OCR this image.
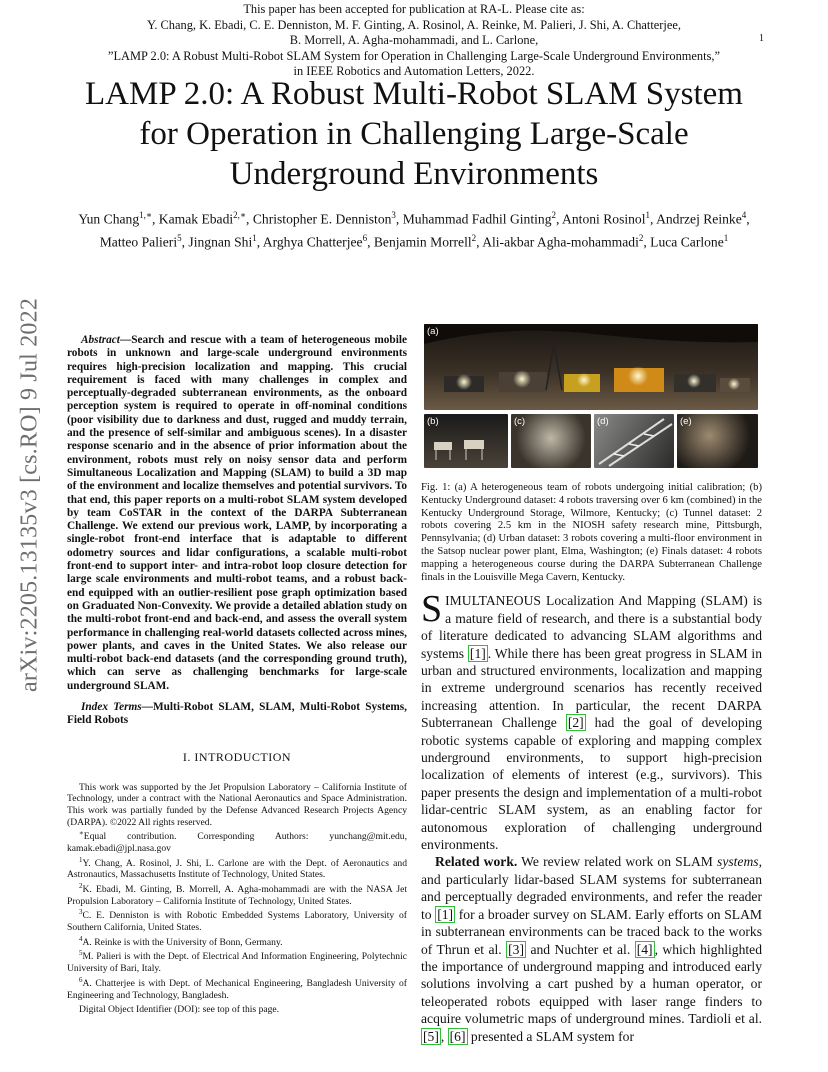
This paper has been accepted for publication at RA-L. Please cite as:
Y. Chang, K. Ebadi, C. E. Denniston, M. F. Ginting, A. Rosinol, A. Reinke, M. Palieri, J. Shi, A. Chatterjee,
B. Morrell, A. Agha-mohammadi, and L. Carlone,
”LAMP 2.0: A Robust Multi-Robot SLAM System for Operation in Challenging Large-Scale Underground Environments,”
in IEEE Robotics and Automation Letters, 2022.
1
LAMP 2.0: A Robust Multi-Robot SLAM System
for Operation in Challenging Large-Scale
Underground Environments
Yun Chang$^{1,∗}$, Kamak Ebadi$^{2,∗}$, Christopher E. Denniston$^3$, Muhammad Fadhil Ginting$^2$, Antoni Rosinol$^1$, Andrzej Reinke$^4$, Matteo Palieri$^5$, Jingnan Shi$^1$, Arghya Chatterjee$^6$, Benjamin Morrell$^2$, Ali-akbar Agha-mohammadi$^2$, Luca Carlone$^1$
arXiv:2205.13135v3 [cs.RO] 9 Jul 2022	Abstract—Search and rescue with a team of heterogeneous mobile robots in unknown and large-scale underground environments requires high-precision localization and mapping. This crucial requirement is faced with many challenges in complex and perceptually-degraded subterranean environments, as the onboard perception system is required to operate in off-nominal conditions (poor visibility due to darkness and dust, rugged and muddy terrain, and the presence of self-similar and ambiguous scenes). In a disaster response scenario and in the absence of prior information about the environment, robots must rely on noisy sensor data and perform Simultaneous Localization and Mapping (SLAM) to build a 3D map of the environment and localize themselves and potential survivors. To that end, this paper reports on a multi-robot SLAM system developed by team CoSTAR in the context of the DARPA Subterranean Challenge. We extend our previous work, LAMP, by incorporating a single-robot front-end interface that is adaptable to different odometry sources and lidar configurations, a scalable multi-robot front-end to support inter- and intra-robot loop closure detection for large scale environments and multi-robot teams, and a robust back-end equipped with an outlier-resilient pose graph optimization based on Graduated Non-Convexity. We provide a detailed ablation study on the multi-robot front-end and back-end, and assess the overall system performance in challenging real-world datasets collected across mines, power plants, and caves in the United States. We also release our multi-robot back-end datasets (and the corresponding ground truth), which can serve as challenging benchmarks for large-scale underground SLAM.
Index Terms—Multi-Robot SLAM, SLAM, Multi-Robot Systems, Field Robots
I. INTRODUCTION

This work was supported by the Jet Propulsion Laboratory – California Institute of Technology, under a contract with the National Aeronautics and Space Administration. This work was partially funded by the Defense Advanced Research Projects Agency (DARPA). ©2022 All rights reserved.

∗Equal contribution. Corresponding Authors: yunchang@mit.edu, kamak.ebadi@jpl.nasa.gov

$^1$Y. Chang, A. Rosinol, J. Shi, L. Carlone are with the Dept. of Aeronautics and Astronautics, Massachusetts Institute of Technology, United States.

$^2$K. Ebadi, M. Ginting, B. Morrell, A. Agha-mohammadi are with the NASA Jet Propulsion Laboratory – California Institute of Technology, United States.

$^3$C. E. Denniston is with Robotic Embedded Systems Laboratory, University of Southern California, United States.

$^4$A. Reinke is with the University of Bonn, Germany.

$^5$M. Palieri is with the Dept. of Electrical And Information Engineering, Polytechnic University of Bari, Italy.

$^6$A. Chatterjee is with Dept. of Mechanical Engineering, Bangladesh University of Engineering and Technology, Bangladesh.

Digital Object Identifier (DOI): see top of this page.

(a)
(b)	(c)	(d)	(e)
Fig. 1: (a) A heterogeneous team of robots undergoing initial calibration; (b) Kentucky Underground dataset: 4 robots traversing over 6 km (combined) in the Kentucky Underground Storage, Wilmore, Kentucky; (c) Tunnel dataset: 2 robots covering 2.5 km in the NIOSH safety research mine, Pittsburgh, Pennsylvania; (d) Urban dataset: 3 robots covering a multi-floor environment in the Satsop nuclear power plant, Elma, Washington; (e) Finals dataset: 4 robots mapping a heterogeneous course during the DARPA Subterranean Challenge finals in the Louisville Mega Cavern, Kentucky.

SIMULTANEOUS Localization And Mapping (SLAM) is a mature field of research, and there is a substantial body of literature dedicated to advancing SLAM algorithms and systems [1] . While there has been great progress in SLAM in urban and structured environments, localization and mapping in extreme underground scenarios has recently received increasing attention. In particular, the recent DARPA Subterranean Challenge [2] had the goal of developing robotic systems capable of exploring and mapping complex underground environments, to support high-precision localization of elements of interest (e.g., survivors). This paper presents the design and implementation of a multi-robot lidar-centric SLAM system, as an enabling factor for autonomous exploration of challenging underground environments.

Related work. We review related work on SLAM systems, and particularly lidar-based SLAM systems for subterranean and perceptually degraded environments, and refer the reader to [1] for a broader survey on SLAM. Early efforts on SLAM in subterranean environments can be traced back to the works of Thrun et al. [3] and Nuchter et al. [4] , which highlighted the importance of underground mapping and introduced early solutions involving a cart pushed by a human operator, or teleoperated robots equipped with laser range finders to acquire volumetric maps of underground mines. Tardioli et al. [5] , [6] presented a SLAM system for
